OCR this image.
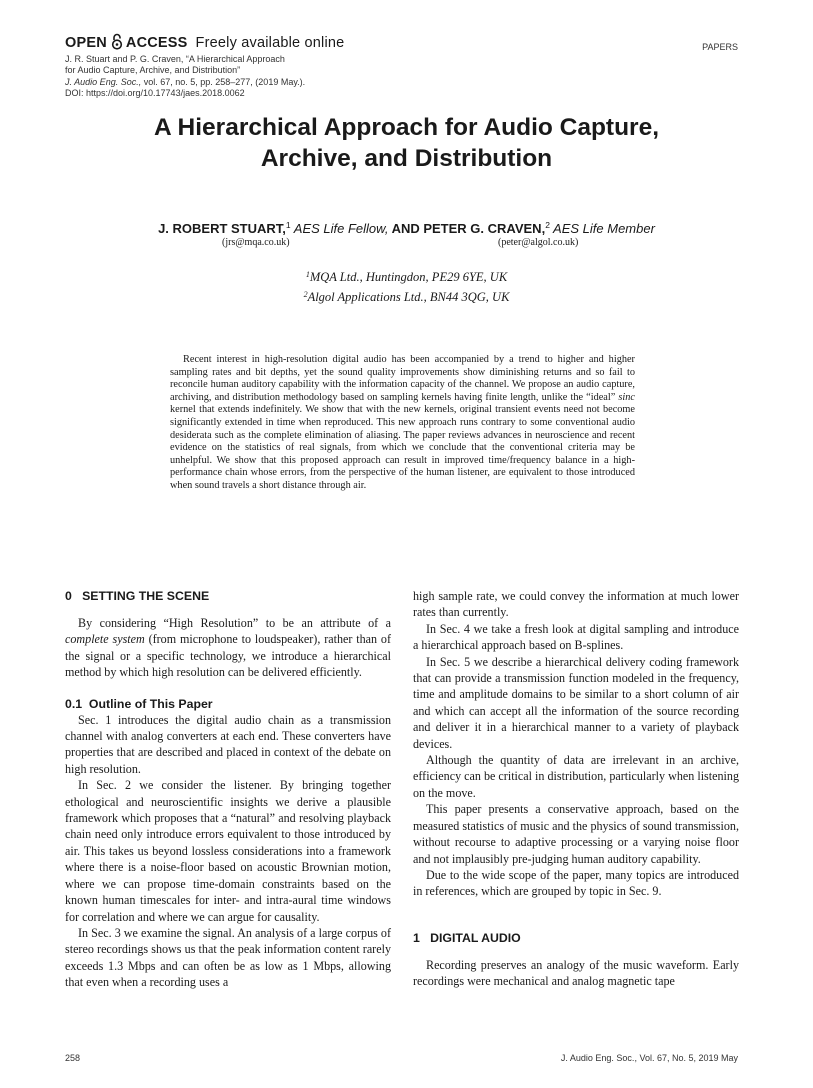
OPEN ACCESS Freely available online
J. R. Stuart and P. G. Craven, “A Hierarchical Approach
for Audio Capture, Archive, and Distribution”
J. Audio Eng. Soc., vol. 67, no. 5, pp. 258–277, (2019 May.).
DOI: https://doi.org/10.17743/jaes.2018.0062
PAPERS
A Hierarchical Approach for Audio Capture,
Archive, and Distribution
J. ROBERT STUART,$^1$ AES Life Fellow, AND PETER G. CRAVEN,$^2$ AES Life Member
(jrs@mqa.co.uk)	(peter@algol.co.uk)
$^1$MQA Ltd., Huntingdon, PE29 6YE, UK
$^2$Algol Applications Ltd., BN44 3QG, UK
Recent interest in high-resolution digital audio has been accompanied by a trend to higher and higher sampling rates and bit depths, yet the sound quality improvements show diminishing returns and so fail to reconcile human auditory capability with the information capacity of the channel. We propose an audio capture, archiving, and distribution methodology based on sampling kernels having finite length, unlike the “ideal” sinc kernel that extends indefinitely. We show that with the new kernels, original transient events need not become significantly extended in time when reproduced. This new approach runs contrary to some conventional audio desiderata such as the complete elimination of aliasing. The paper reviews advances in neuroscience and recent evidence on the statistics of real signals, from which we conclude that the conventional criteria may be unhelpful. We show that this proposed approach can result in improved time/frequency balance in a high-performance chain whose errors, from the perspective of the human listener, are equivalent to those introduced when sound travels a short distance through air.
0   SETTING THE SCENE

By considering “High Resolution” to be an attribute of a complete system (from microphone to loudspeaker), rather than of the signal or a specific technology, we introduce a hierarchical method by which high resolution can be delivered efficiently.

0.1  Outline of This Paper

Sec. 1 introduces the digital audio chain as a transmission channel with analog converters at each end. These converters have properties that are described and placed in context of the debate on high resolution.

In Sec. 2 we consider the listener. By bringing together ethological and neuroscientific insights we derive a plausible framework which proposes that a “natural” and resolving playback chain need only introduce errors equivalent to those introduced by air. This takes us beyond lossless considerations into a framework where there is a noise-floor based on acoustic Brownian motion, where we can propose time-domain constraints based on the known human timescales for inter- and intra-aural time windows for correlation and where we can argue for causality.

In Sec. 3 we examine the signal. An analysis of a large corpus of stereo recordings shows us that the peak information content rarely exceeds 1.3 Mbps and can often be as low as 1 Mbps, allowing that even when a recording uses a

high sample rate, we could convey the information at much lower rates than currently.

In Sec. 4 we take a fresh look at digital sampling and introduce a hierarchical approach based on B-splines.

In Sec. 5 we describe a hierarchical delivery coding framework that can provide a transmission function modeled in the frequency, time and amplitude domains to be similar to a short column of air and which can accept all the information of the source recording and deliver it in a hierarchical manner to a variety of playback devices.

Although the quantity of data are irrelevant in an archive, efficiency can be critical in distribution, particularly when listening on the move.

This paper presents a conservative approach, based on the measured statistics of music and the physics of sound transmission, without recourse to adaptive processing or a varying noise floor and not implausibly pre-judging human auditory capability.

Due to the wide scope of the paper, many topics are introduced in references, which are grouped by topic in Sec. 9.

1   DIGITAL AUDIO

Recording preserves an analogy of the music waveform. Early recordings were mechanical and analog magnetic tape

258	J. Audio Eng. Soc., Vol. 67, No. 5, 2019 May
